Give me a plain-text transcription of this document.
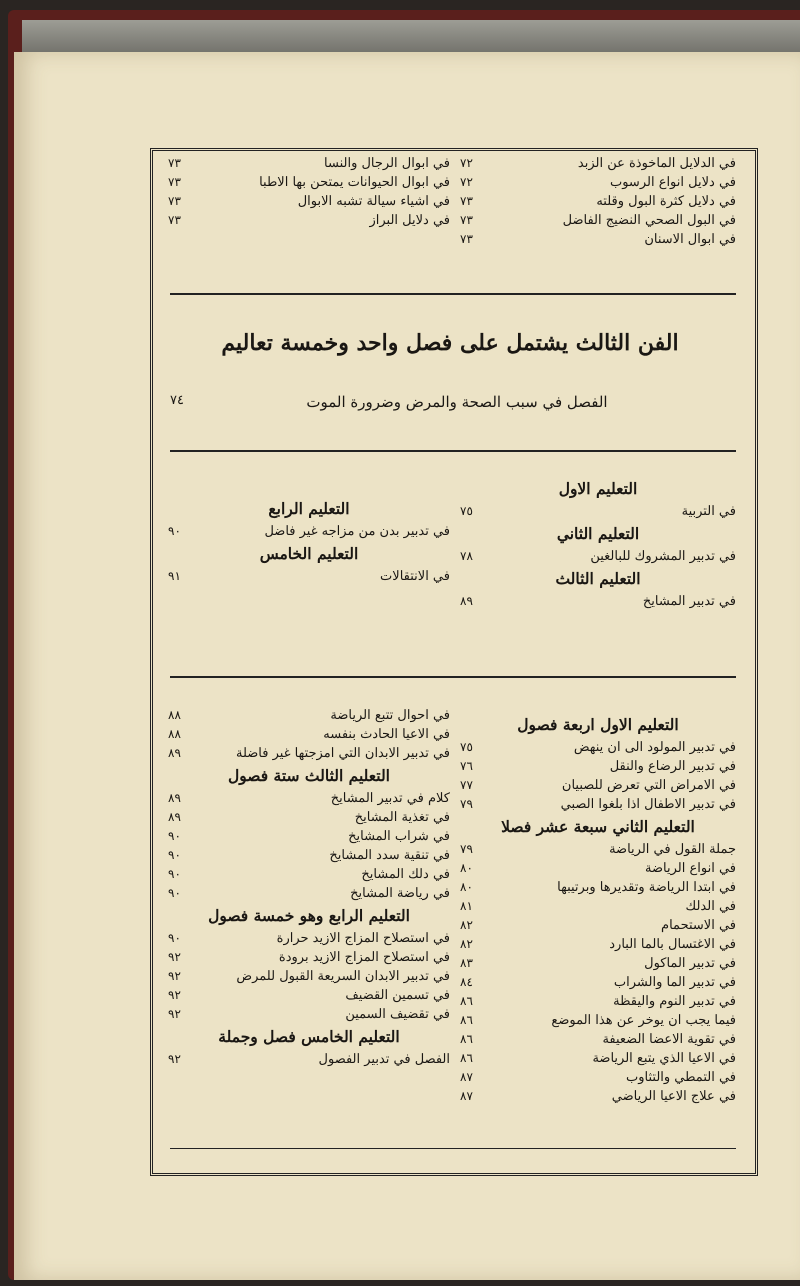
في الدلايل الماخوذة عن الزبد
٧٢
في دلايل انواع الرسوب
٧٢
في دلايل كثرة البول وقلته
٧٣
في البول الصحي النضيج الفاضل
٧٣
في ابوال الاسنان
٧٣
في ابوال الرجال والنسا
٧٣
في ابوال الحيوانات يمتحن بها الاطبا
٧٣
في اشياء سيالة تشبه الابوال
٧٣
في دلايل البراز
٧٣
الفن الثالث يشتمل على فصل واحد وخمسة تعاليم
الفصل في سبب الصحة والمرض وضرورة الموت
٧٤
التعليم الاول
في التربية
٧٥
التعليم الثاني
في تدبير المشروك للبالغين
٧٨
التعليم الثالث
في تدبير المشايخ
٨٩
التعليم الرابع
في تدبير بدن من مزاجه غير فاضل
٩٠
التعليم الخامس
في الانتقالات
٩١
التعليم الاول اربعة فصول
في تدبير المولود الى ان ينهض
٧٥
في تدبير الرضاع والنقل
٧٦
في الامراض التي تعرض للصبيان
٧٧
في تدبير الاطفال اذا بلغوا الصبي
٧٩
التعليم الثاني سبعة عشر فصلا
جملة القول في الرياضة
٧٩
في انواع الرياضة
٨٠
في ابتدا الرياضة وتقديرها وبرتيبها
٨٠
في الدلك
٨١
في الاستحمام
٨٢
في الاغتسال بالما البارد
٨٢
في تدبير الماكول
٨٣
في تدبير الما والشراب
٨٤
في تدبير النوم واليقظة
٨٦
فيما يجب ان يوخر عن هذا الموضع
٨٦
في تقوية الاعضا الضعيفة
٨٦
في الاعيا الذي يتبع الرياضة
٨٦
في التمطي والتثاوب
٨٧
في علاج الاعيا الرياضي
٨٧
في احوال تتبع الرياضة
٨٨
في الاعيا الحادث بنفسه
٨٨
في تدبير الابدان التي امزجتها غير فاضلة
٨٩
التعليم الثالث ستة فصول
كلام في تدبير المشايخ
٨٩
في تغذية المشايخ
٨٩
في شراب المشايخ
٩٠
في تنقية سدد المشايخ
٩٠
في دلك المشايخ
٩٠
في رياضة المشايخ
٩٠
التعليم الرابع وهو خمسة فصول
في استصلاح المزاج الازيد حرارة
٩٠
في استصلاح المزاج الازيد برودة
٩٢
في تدبير الابدان السريعة القبول للمرض
٩٢
في تسمين القضيف
٩٢
في تقضيف السمين
٩٢
التعليم الخامس فصل وجملة
الفصل في تدبير الفصول
٩٢
